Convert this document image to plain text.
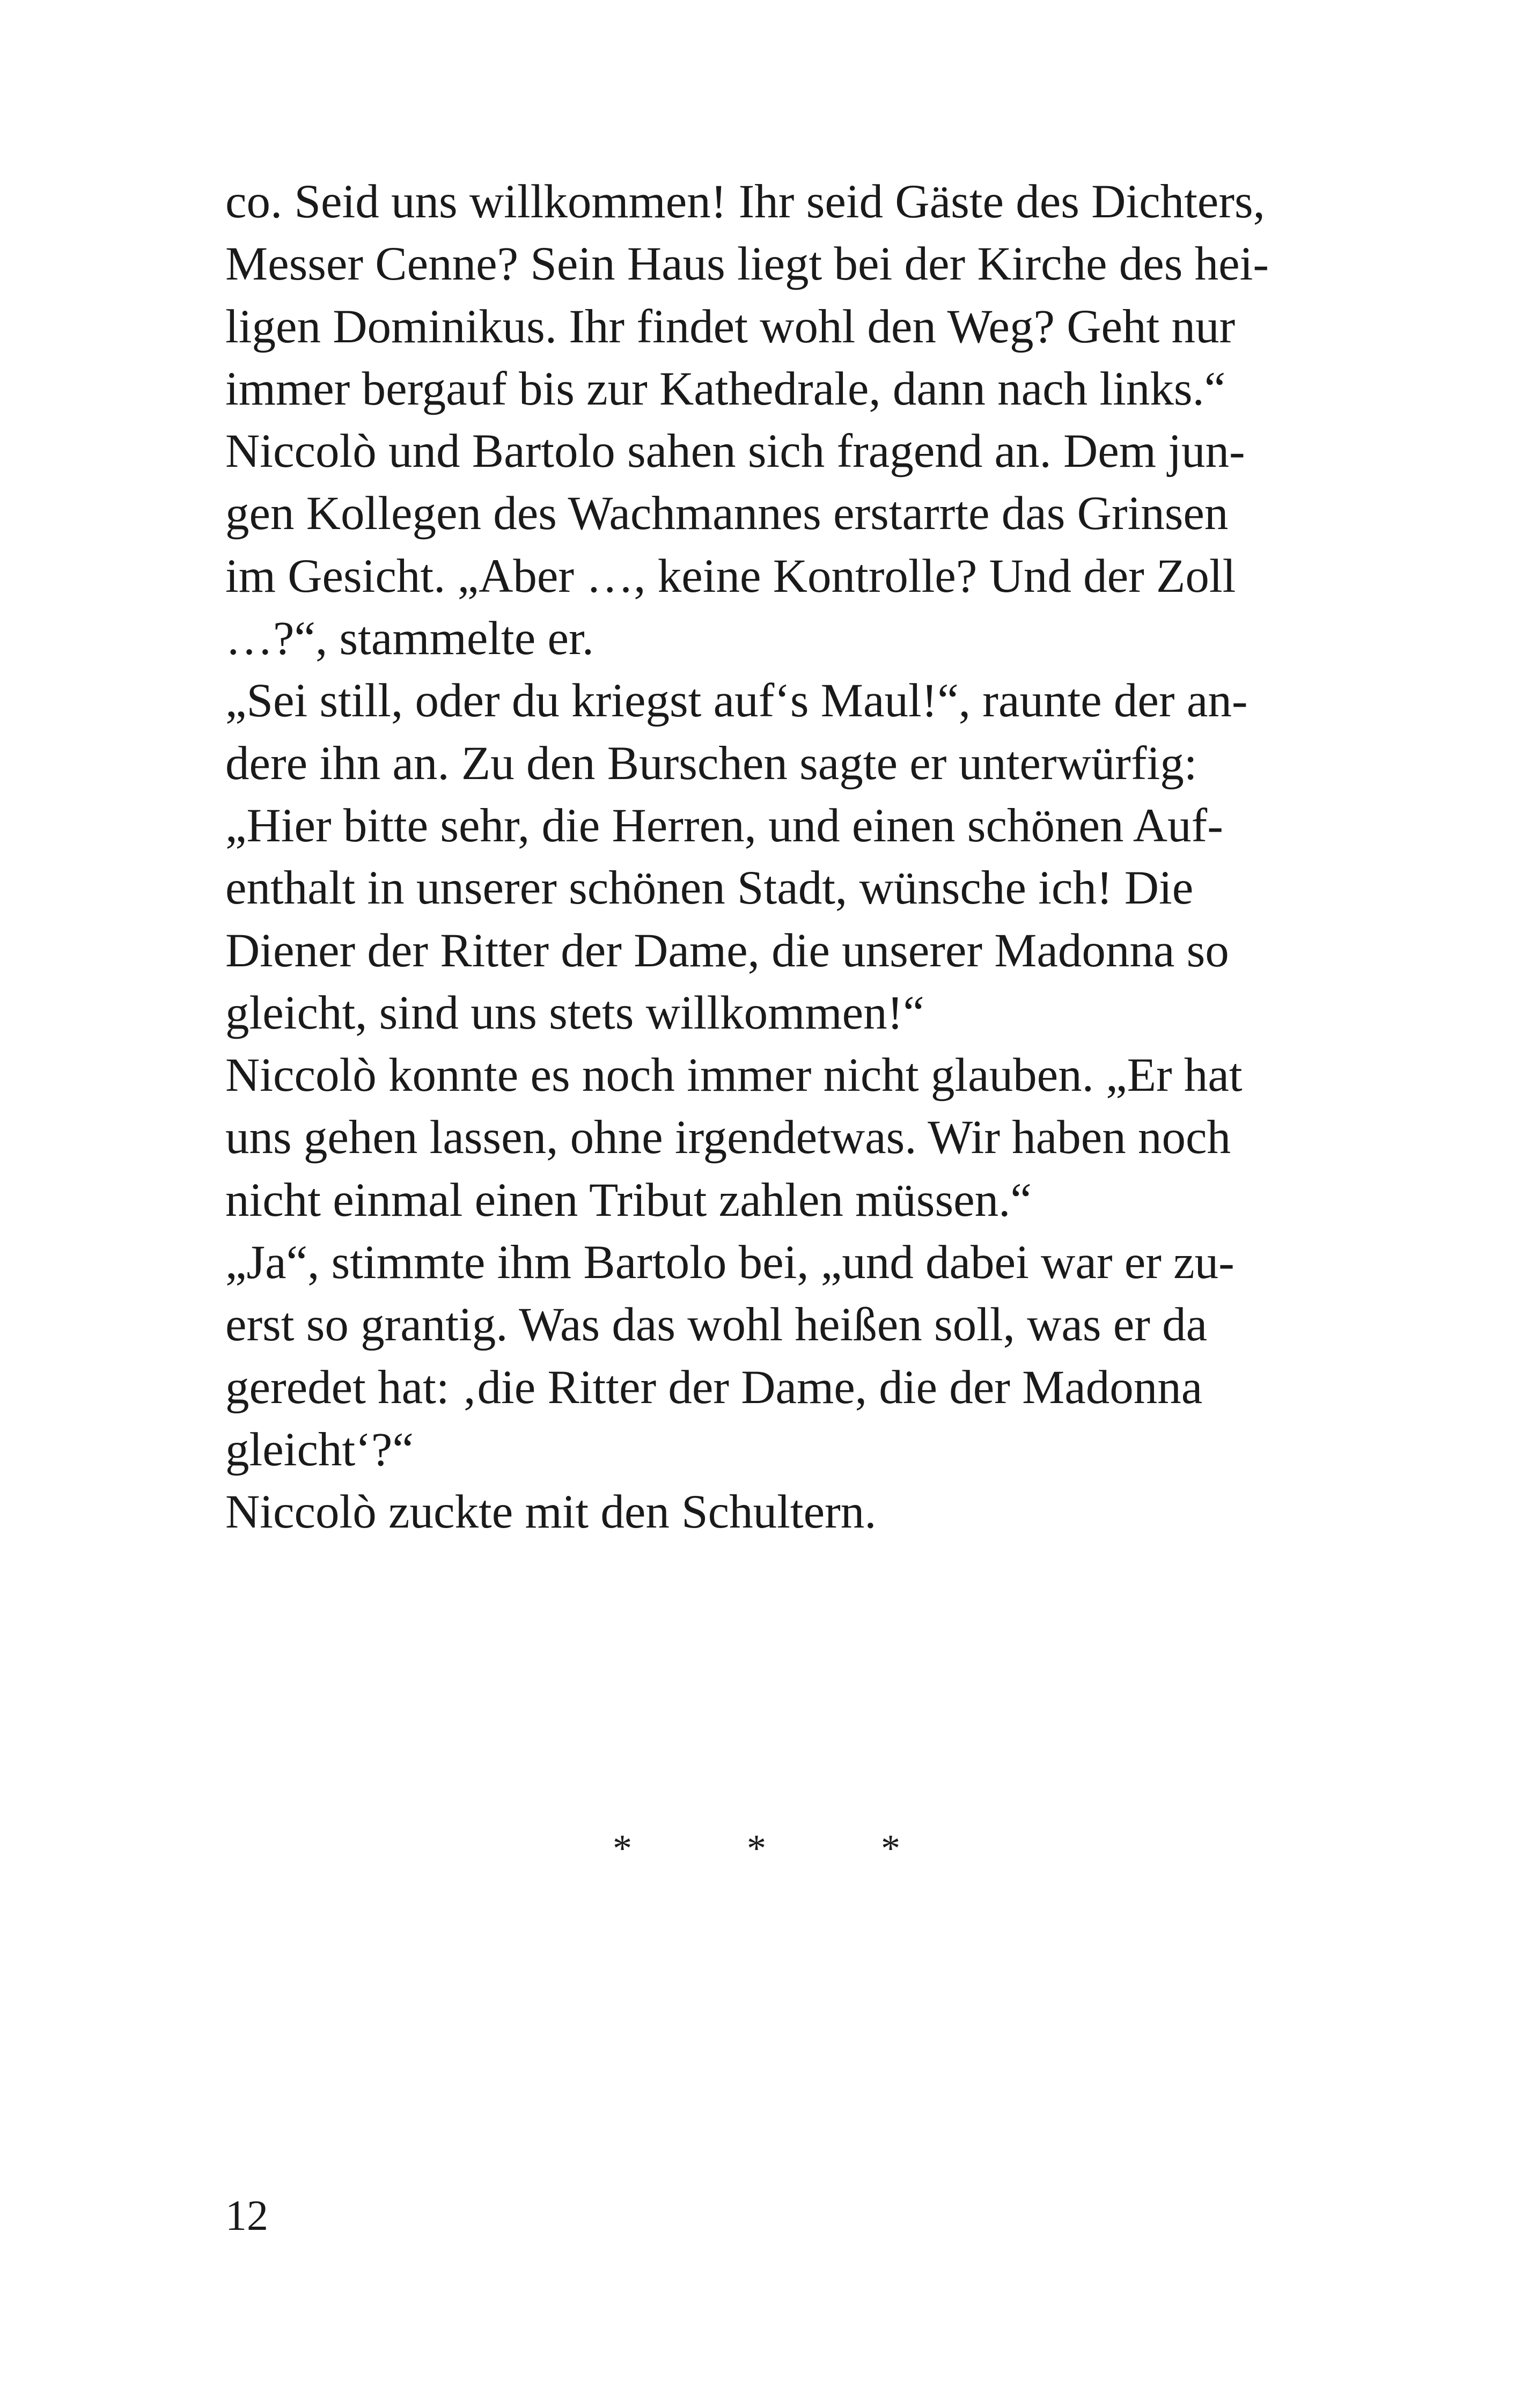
co. Seid uns willkommen! Ihr seid Gäste des Dichters,
Messer Cenne? Sein Haus liegt bei der Kirche des hei-
ligen Dominikus. Ihr findet wohl den Weg? Geht nur
immer bergauf bis zur Kathedrale, dann nach links.“
Niccolò und Bartolo sahen sich fragend an. Dem jun-
gen Kollegen des Wachmannes erstarrte das Grinsen
im Gesicht. „Aber …, keine Kontrolle? Und der Zoll
…?“, stammelte er.
„Sei still, oder du kriegst auf‘s Maul!“, raunte der an-
dere ihn an. Zu den Burschen sagte er unterwürfig:
„Hier bitte sehr, die Herren, und einen schönen Auf-
enthalt in unserer schönen Stadt, wünsche ich! Die
Diener der Ritter der Dame, die unserer Madonna so
gleicht, sind uns stets willkommen!“
Niccolò konnte es noch immer nicht glauben. „Er hat
uns gehen lassen, ohne irgendetwas. Wir haben noch
nicht einmal einen Tribut zahlen müssen.“
„Ja“, stimmte ihm Bartolo bei, „und dabei war er zu-
erst so grantig. Was das wohl heißen soll, was er da
geredet hat: ‚die Ritter der Dame, die der Madonna
gleicht‘?“
Niccolò zuckte mit den Schultern.
*	*	*
12
